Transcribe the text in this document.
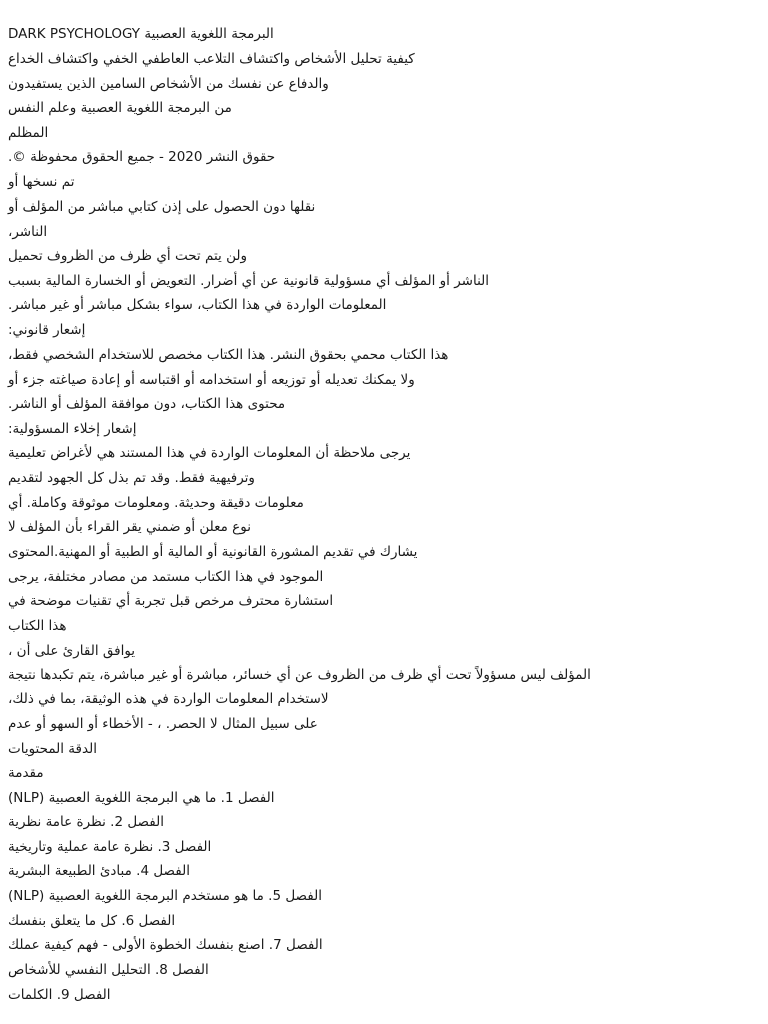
البرمجة اللغوية العصبية DARK PSYCHOLOGY
كيفية تحليل الأشخاص واكتشاف التلاعب العاطفي الخفي واكتشاف الخداع
والدفاع عن نفسك من الأشخاص السامين الذين يستفيدون
من البرمجة اللغوية العصبية وعلم النفس
المظلم
حقوق النشر 2020 - جميع الحقوق محفوظة ©.
تم نسخها أو
نقلها دون الحصول على إذن كتابي مباشر من المؤلف أو
الناشر،
ولن يتم تحت أي ظرف من الظروف تحميل
الناشر أو المؤلف أي مسؤولية قانونية عن أي أضرار. التعويض أو الخسارة المالية بسبب
المعلومات الواردة في هذا الكتاب، سواء بشكل مباشر أو غير مباشر.
إشعار قانوني:
هذا الكتاب محمي بحقوق النشر. هذا الكتاب مخصص للاستخدام الشخصي فقط،
ولا يمكنك تعديله أو توزيعه أو استخدامه أو اقتباسه أو إعادة صياغته جزء أو
محتوى هذا الكتاب، دون موافقة المؤلف أو الناشر.
إشعار إخلاء المسؤولية:
يرجى ملاحظة أن المعلومات الواردة في هذا المستند هي لأغراض تعليمية
وترفيهية فقط. وقد تم بذل كل الجهود لتقديم
معلومات دقيقة وحديثة. ومعلومات موثوقة وكاملة. أي
نوع معلن أو ضمني يقر القراء بأن المؤلف لا
يشارك في تقديم المشورة القانونية أو المالية أو الطبية أو المهنية.المحتوى
الموجود في هذا الكتاب مستمد من مصادر مختلفة، يرجى
استشارة محترف مرخص قبل تجربة أي تقنيات موضحة في
هذا الكتاب
يوافق القارئ على أن ،
المؤلف ليس مسؤولاً تحت أي ظرف من الظروف عن أي خسائر، مباشرة أو غير مباشرة، يتم تكبدها نتيجة
لاستخدام المعلومات الواردة في هذه الوثيقة، بما في ذلك،
على سبيل المثال لا الحصر. ، - الأخطاء أو السهو أو عدم
الدقة المحتويات
مقدمة
الفصل 1. ما هي البرمجة اللغوية العصبية (NLP)
الفصل 2. نظرة عامة نظرية
الفصل 3. نظرة عامة عملية وتاريخية
الفصل 4. مبادئ الطبيعة البشرية
الفصل 5. ما هو مستخدم البرمجة اللغوية العصبية (NLP)
الفصل 6. كل ما يتعلق بنفسك
الفصل 7. اصنع بنفسك الخطوة الأولى - فهم كيفية عملك
الفصل 8. التحليل النفسي للأشخاص
الفصل 9. الكلمات
